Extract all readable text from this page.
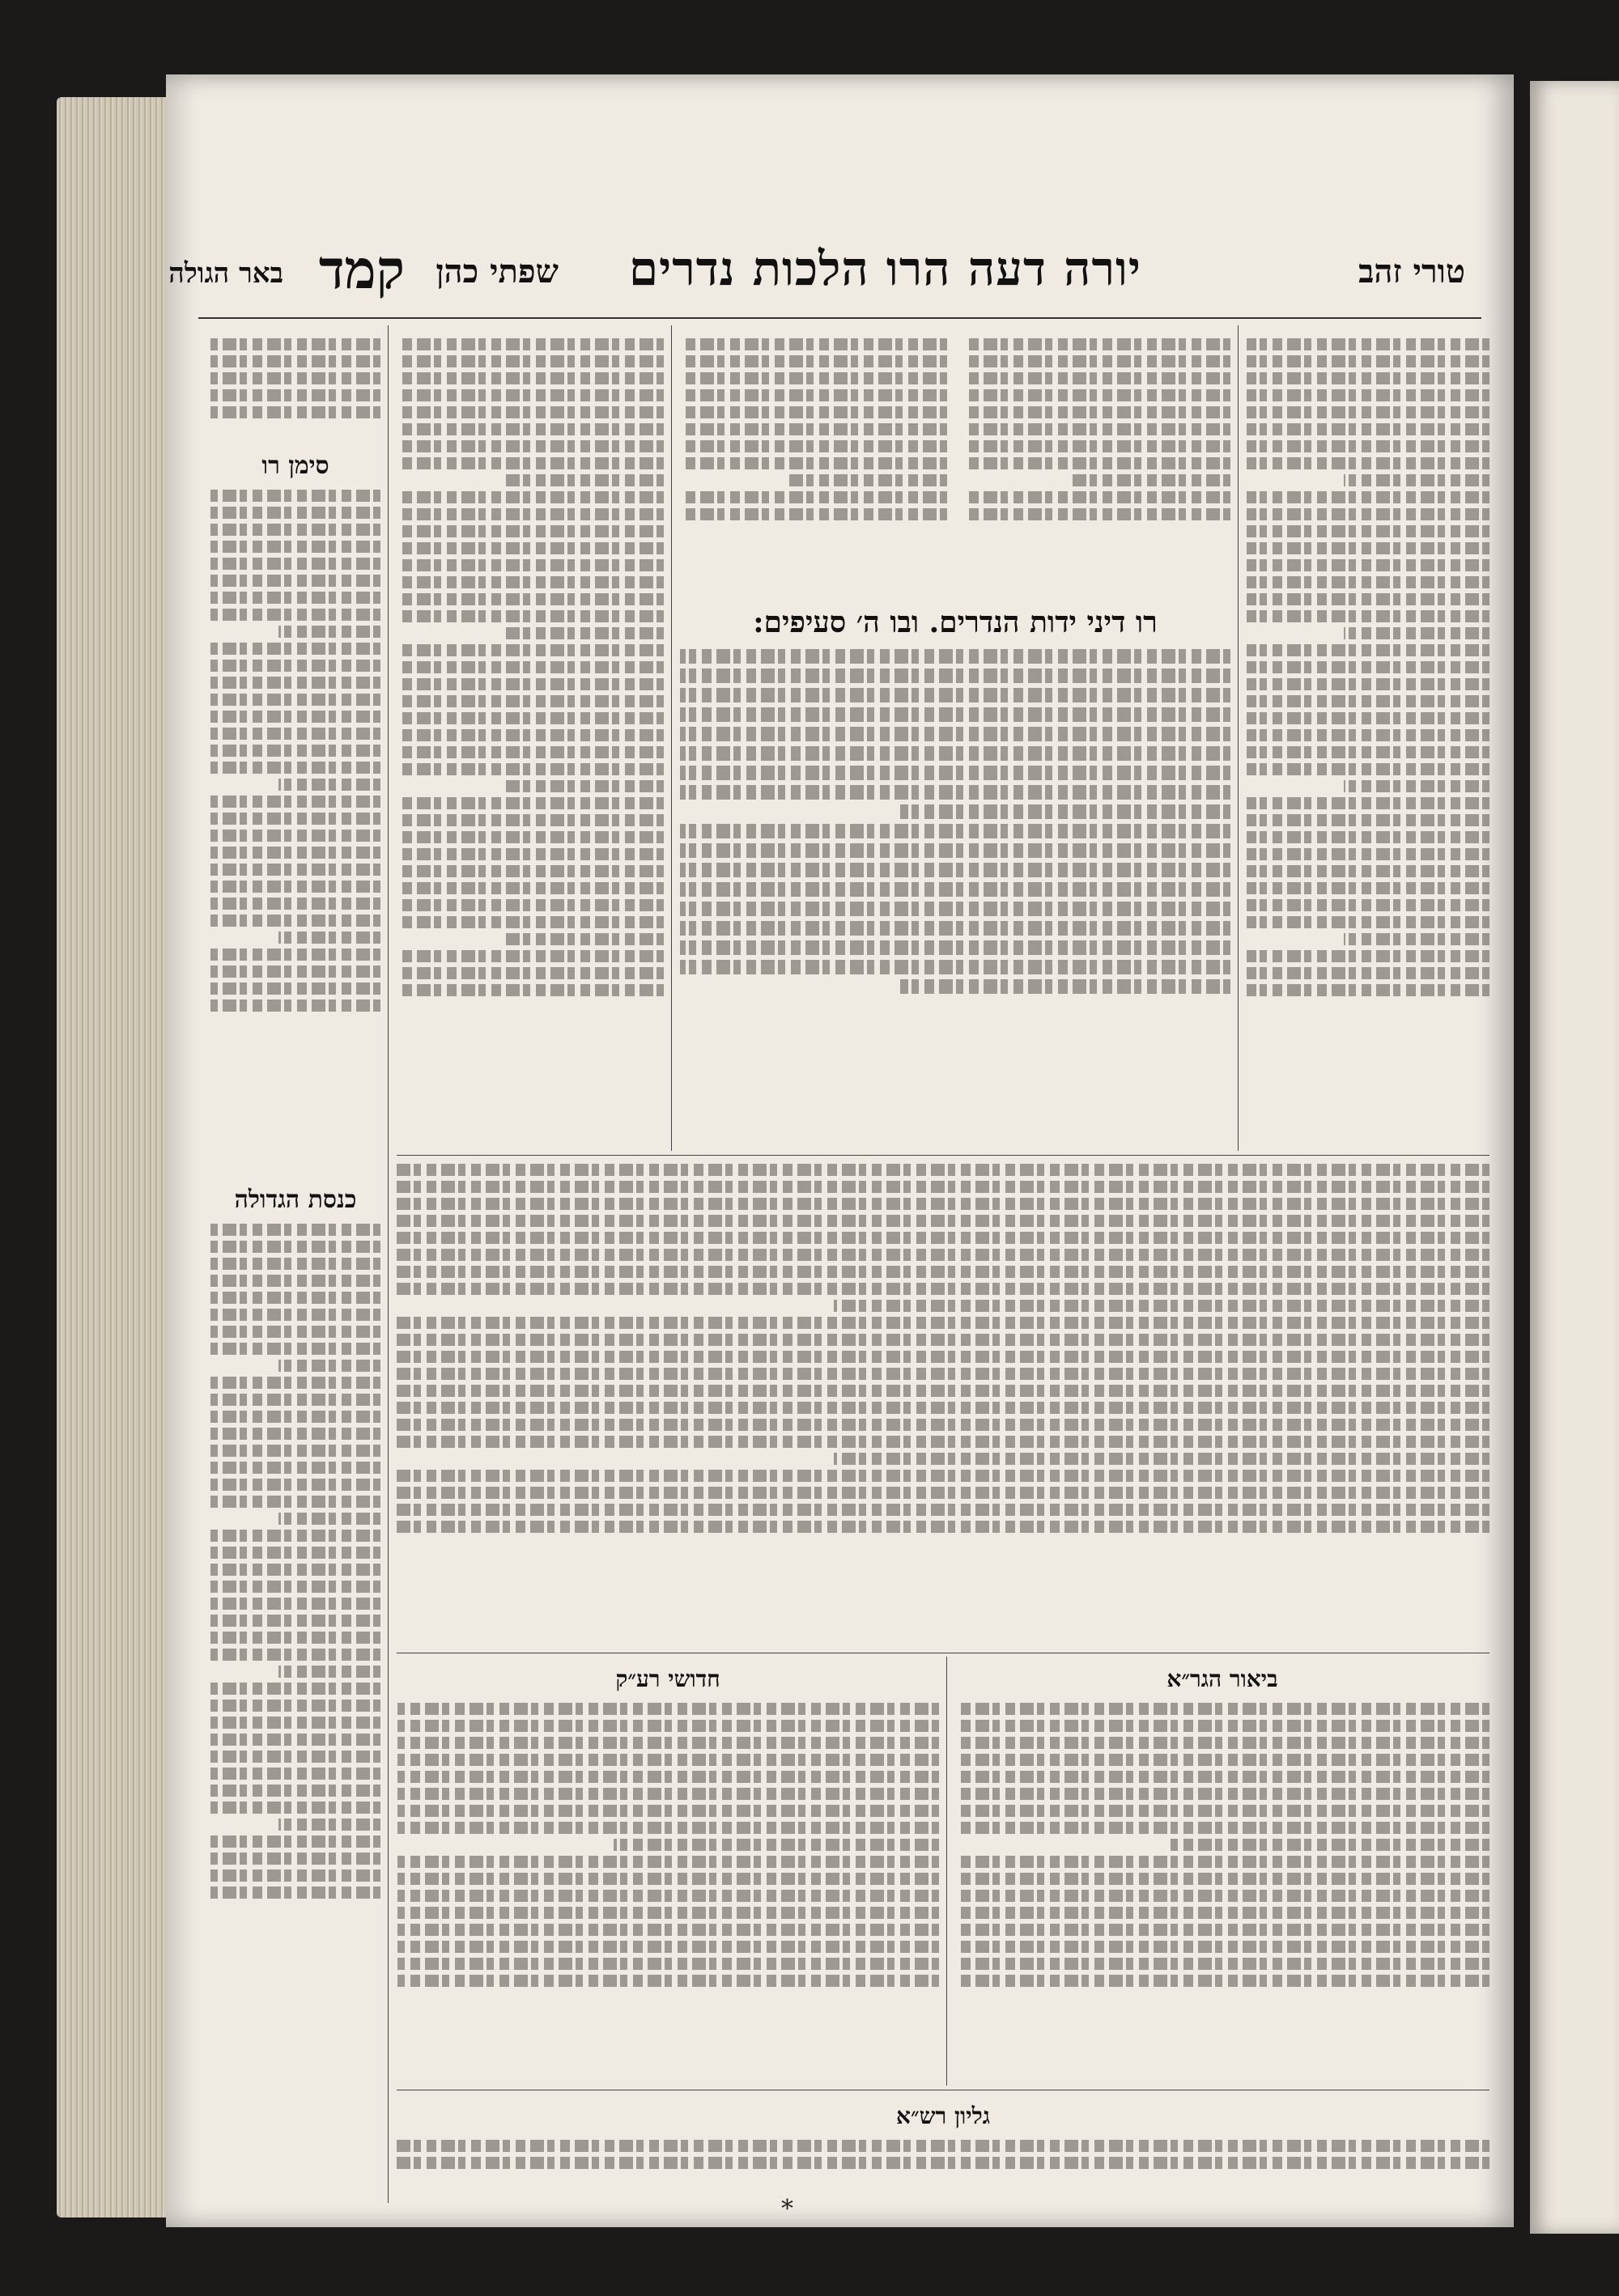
טורי זהב
יורה דעה הרו הלכות נדרים
שפתי כהן
קמד
באר הגולה
רו דיני ידות הנדרים. ובו ה׳ סעיפים:
סימן רו
כנסת הגדולה
ביאור הגר״א
חדושי רע״ק
גליון רש״א
*
